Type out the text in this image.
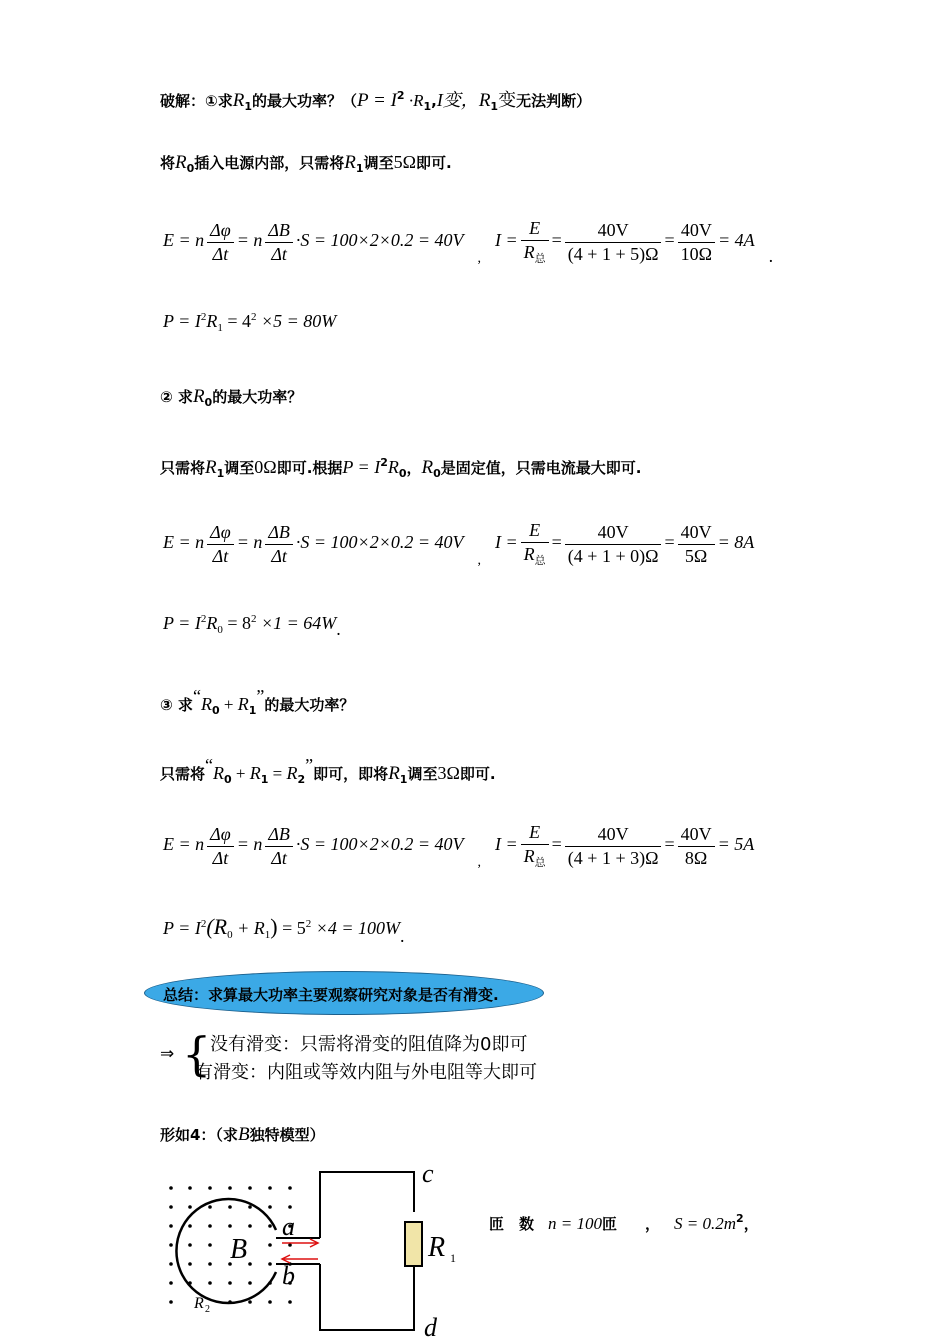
破解：①求$R_1$的最大功率？（$P = I^2 \cdot R_1,I$变，$R_1$变无法判断）
将$R_0$插入电源内部，只需将$R_1$调至5Ω即可.
E = n $\frac{\Delta\varphi}{\Delta t} = n \frac{\Delta B}{\Delta t} \cdot S = 100\times 2\times 0.2 = 40V_,I = \frac{E}{R_总} = \frac{40V}{(4 + 1 + 5)\Omega} = \frac{40V}{10\Omega} = 4A$.
$P = I^2R_1 = 4^2 \times 5 = 80W$
② 求$R_0$的最大功率？
只需将$R_1$调至0Ω即可.根据$P = I^2R_0$，$R_0$是固定值，只需电流最大即可.
E = n $\frac{\Delta\varphi}{\Delta t} = n \frac{\Delta B}{\Delta t} \cdot S = 100\times 2\times 0.2 = 40V_,I = \frac{E}{R_总} = \frac{40V}{(4 + 1 + 0)\Omega} = \frac{40V}{5\Omega} = 8A$
$P = I^2R_0 = 8^2 \times 1 = 64W$.
③ 求“$R_0 + R_1$”的最大功率？
只需将“$R_0 + R_1 = R_2$”即可，即将$R_1$调至3Ω即可.
E = n $\frac{\Delta\varphi}{\Delta t} = n \frac{\Delta B}{\Delta t} \cdot S = 100\times 2\times 0.2 = 40V_,I = \frac{E}{R_总} = \frac{40V}{(4 + 1 + 3)\Omega} = \frac{40V}{8\Omega} = 5A$
$P = I^2(R_0 + R_1) = 5^2 \times 4 = 100W$.
总结：求算最大功率主要观察研究对象是否有滑变.
⇒ {
没有滑变：只需将滑变的阻值降为0即可
有滑变：内阻或等效内阻与外电阻等大即可
形如4：（求B独特模型）
c
d
a
b
B	R 1
R 2
匝　数 n = 100匝 ， $S = 0.2m^2$，
